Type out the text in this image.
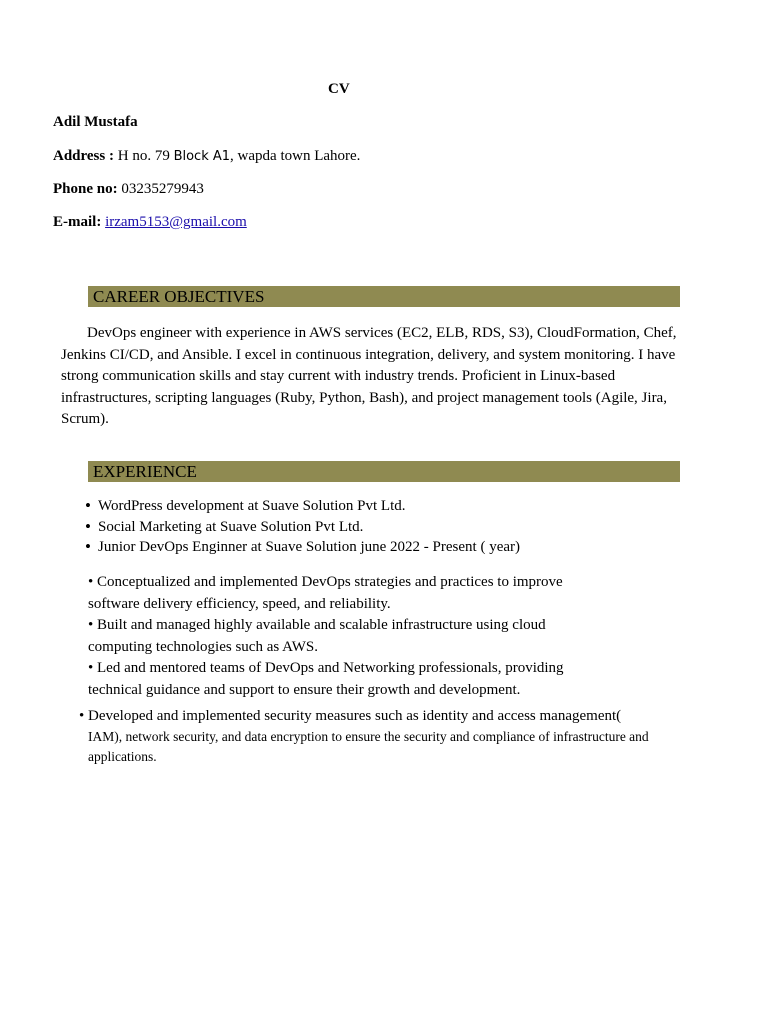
CV
Adil Mustafa
Address : H no. 79 Block A1, wapda town Lahore.
Phone no: 03235279943
E-mail: irzam5153@gmail.com
CAREER OBJECTIVES
DevOps engineer with experience in AWS services (EC2, ELB, RDS, S3), CloudFormation, Chef, Jenkins CI/CD, and Ansible. I excel in continuous integration, delivery, and system monitoring. I have strong communication skills and stay current with industry trends. Proficient in Linux-based infrastructures, scripting languages (Ruby, Python, Bash), and project management tools (Agile, Jira, Scrum).
EXPERIENCE
• WordPress development at Suave Solution Pvt Ltd.
• Social Marketing at Suave Solution Pvt Ltd.
• Junior DevOps Enginner at Suave Solution june 2022 - Present ( year)

• Conceptualized and implemented DevOps strategies and practices to improve software delivery efficiency, speed, and reliability.

• Built and managed highly available and scalable infrastructure using cloud computing technologies such as AWS.

• Led and mentored teams of DevOps and Networking professionals, providing technical guidance and support to ensure their growth and development.

• Developed and implemented security measures such as identity and access management(
IAM), network security, and data encryption to ensure the security and compliance of infrastructure and applications.
